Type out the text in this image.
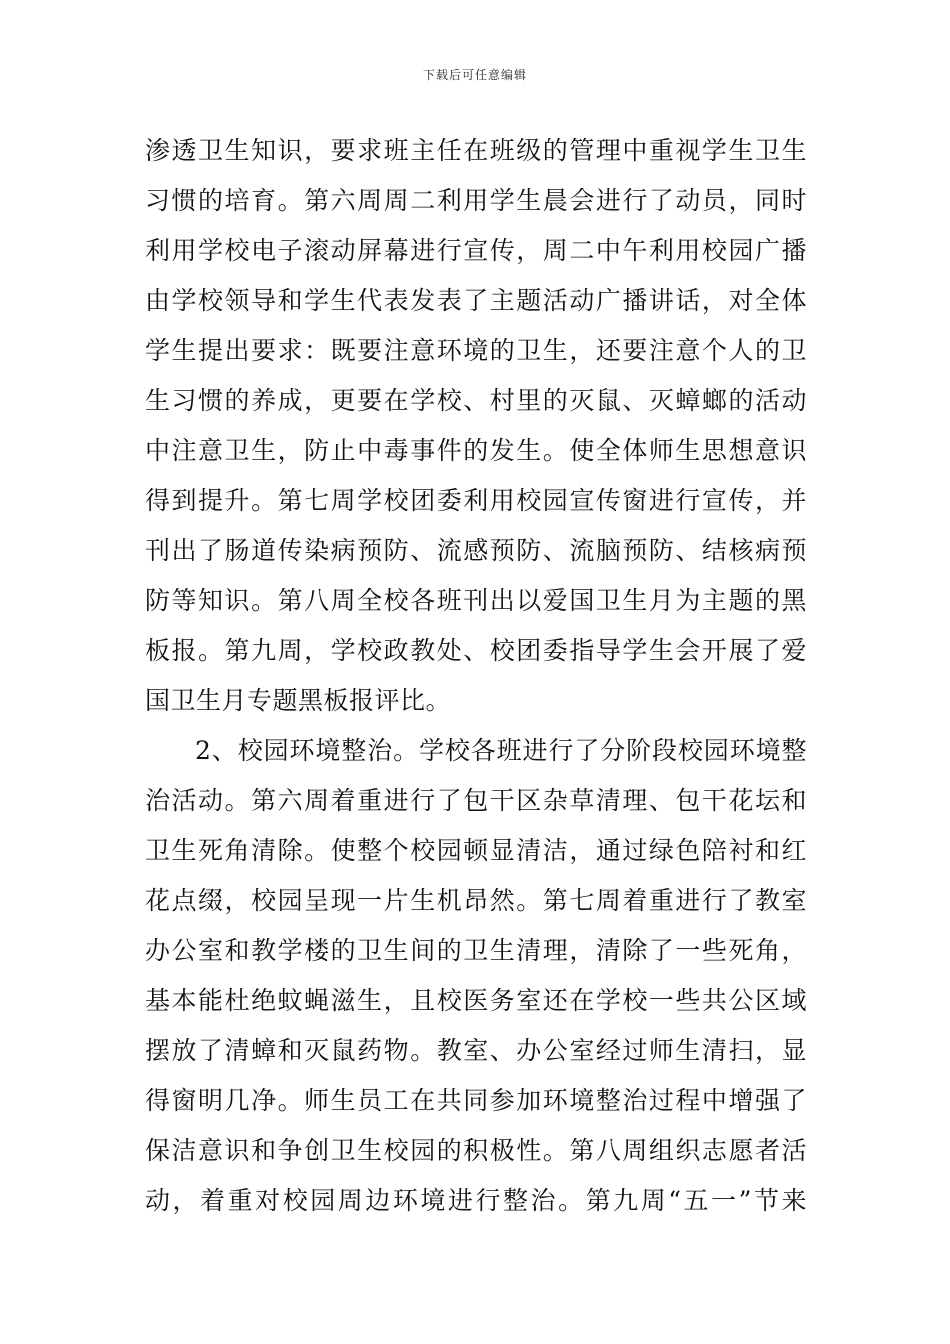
下载后可任意编辑
渗透卫生知识，要求班主任在班级的管理中重视学生卫生
习惯的培育。第六周周二利用学生晨会进行了动员，同时
利用学校电子滚动屏幕进行宣传，周二中午利用校园广播
由学校领导和学生代表发表了主题活动广播讲话，对全体
学生提出要求：既要注意环境的卫生，还要注意个人的卫
生习惯的养成，更要在学校、村里的灭鼠、灭蟑螂的活动
中注意卫生，防止中毒事件的发生。使全体师生思想意识
得到提升。第七周学校团委利用校园宣传窗进行宣传，并
刊出了肠道传染病预防、流感预防、流脑预防、结核病预
防等知识。第八周全校各班刊出以爱国卫生月为主题的黑
板报。第九周，学校政教处、校团委指导学生会开展了爱
国卫生月专题黑板报评比。
2、校园环境整治。学校各班进行了分阶段校园环境整
治活动。第六周着重进行了包干区杂草清理、包干花坛和
卫生死角清除。使整个校园顿显清洁，通过绿色陪衬和红
花点缀，校园呈现一片生机昂然。第七周着重进行了教室
办公室和教学楼的卫生间的卫生清理，清除了一些死角，
基本能杜绝蚊蝇滋生，且校医务室还在学校一些共公区域
摆放了清蟑和灭鼠药物。教室、办公室经过师生清扫，显
得窗明几净。师生员工在共同参加环境整治过程中增强了
保洁意识和争创卫生校园的积极性。第八周组织志愿者活
动，着重对校园周边环境进行整治。第九周“五一”节来
